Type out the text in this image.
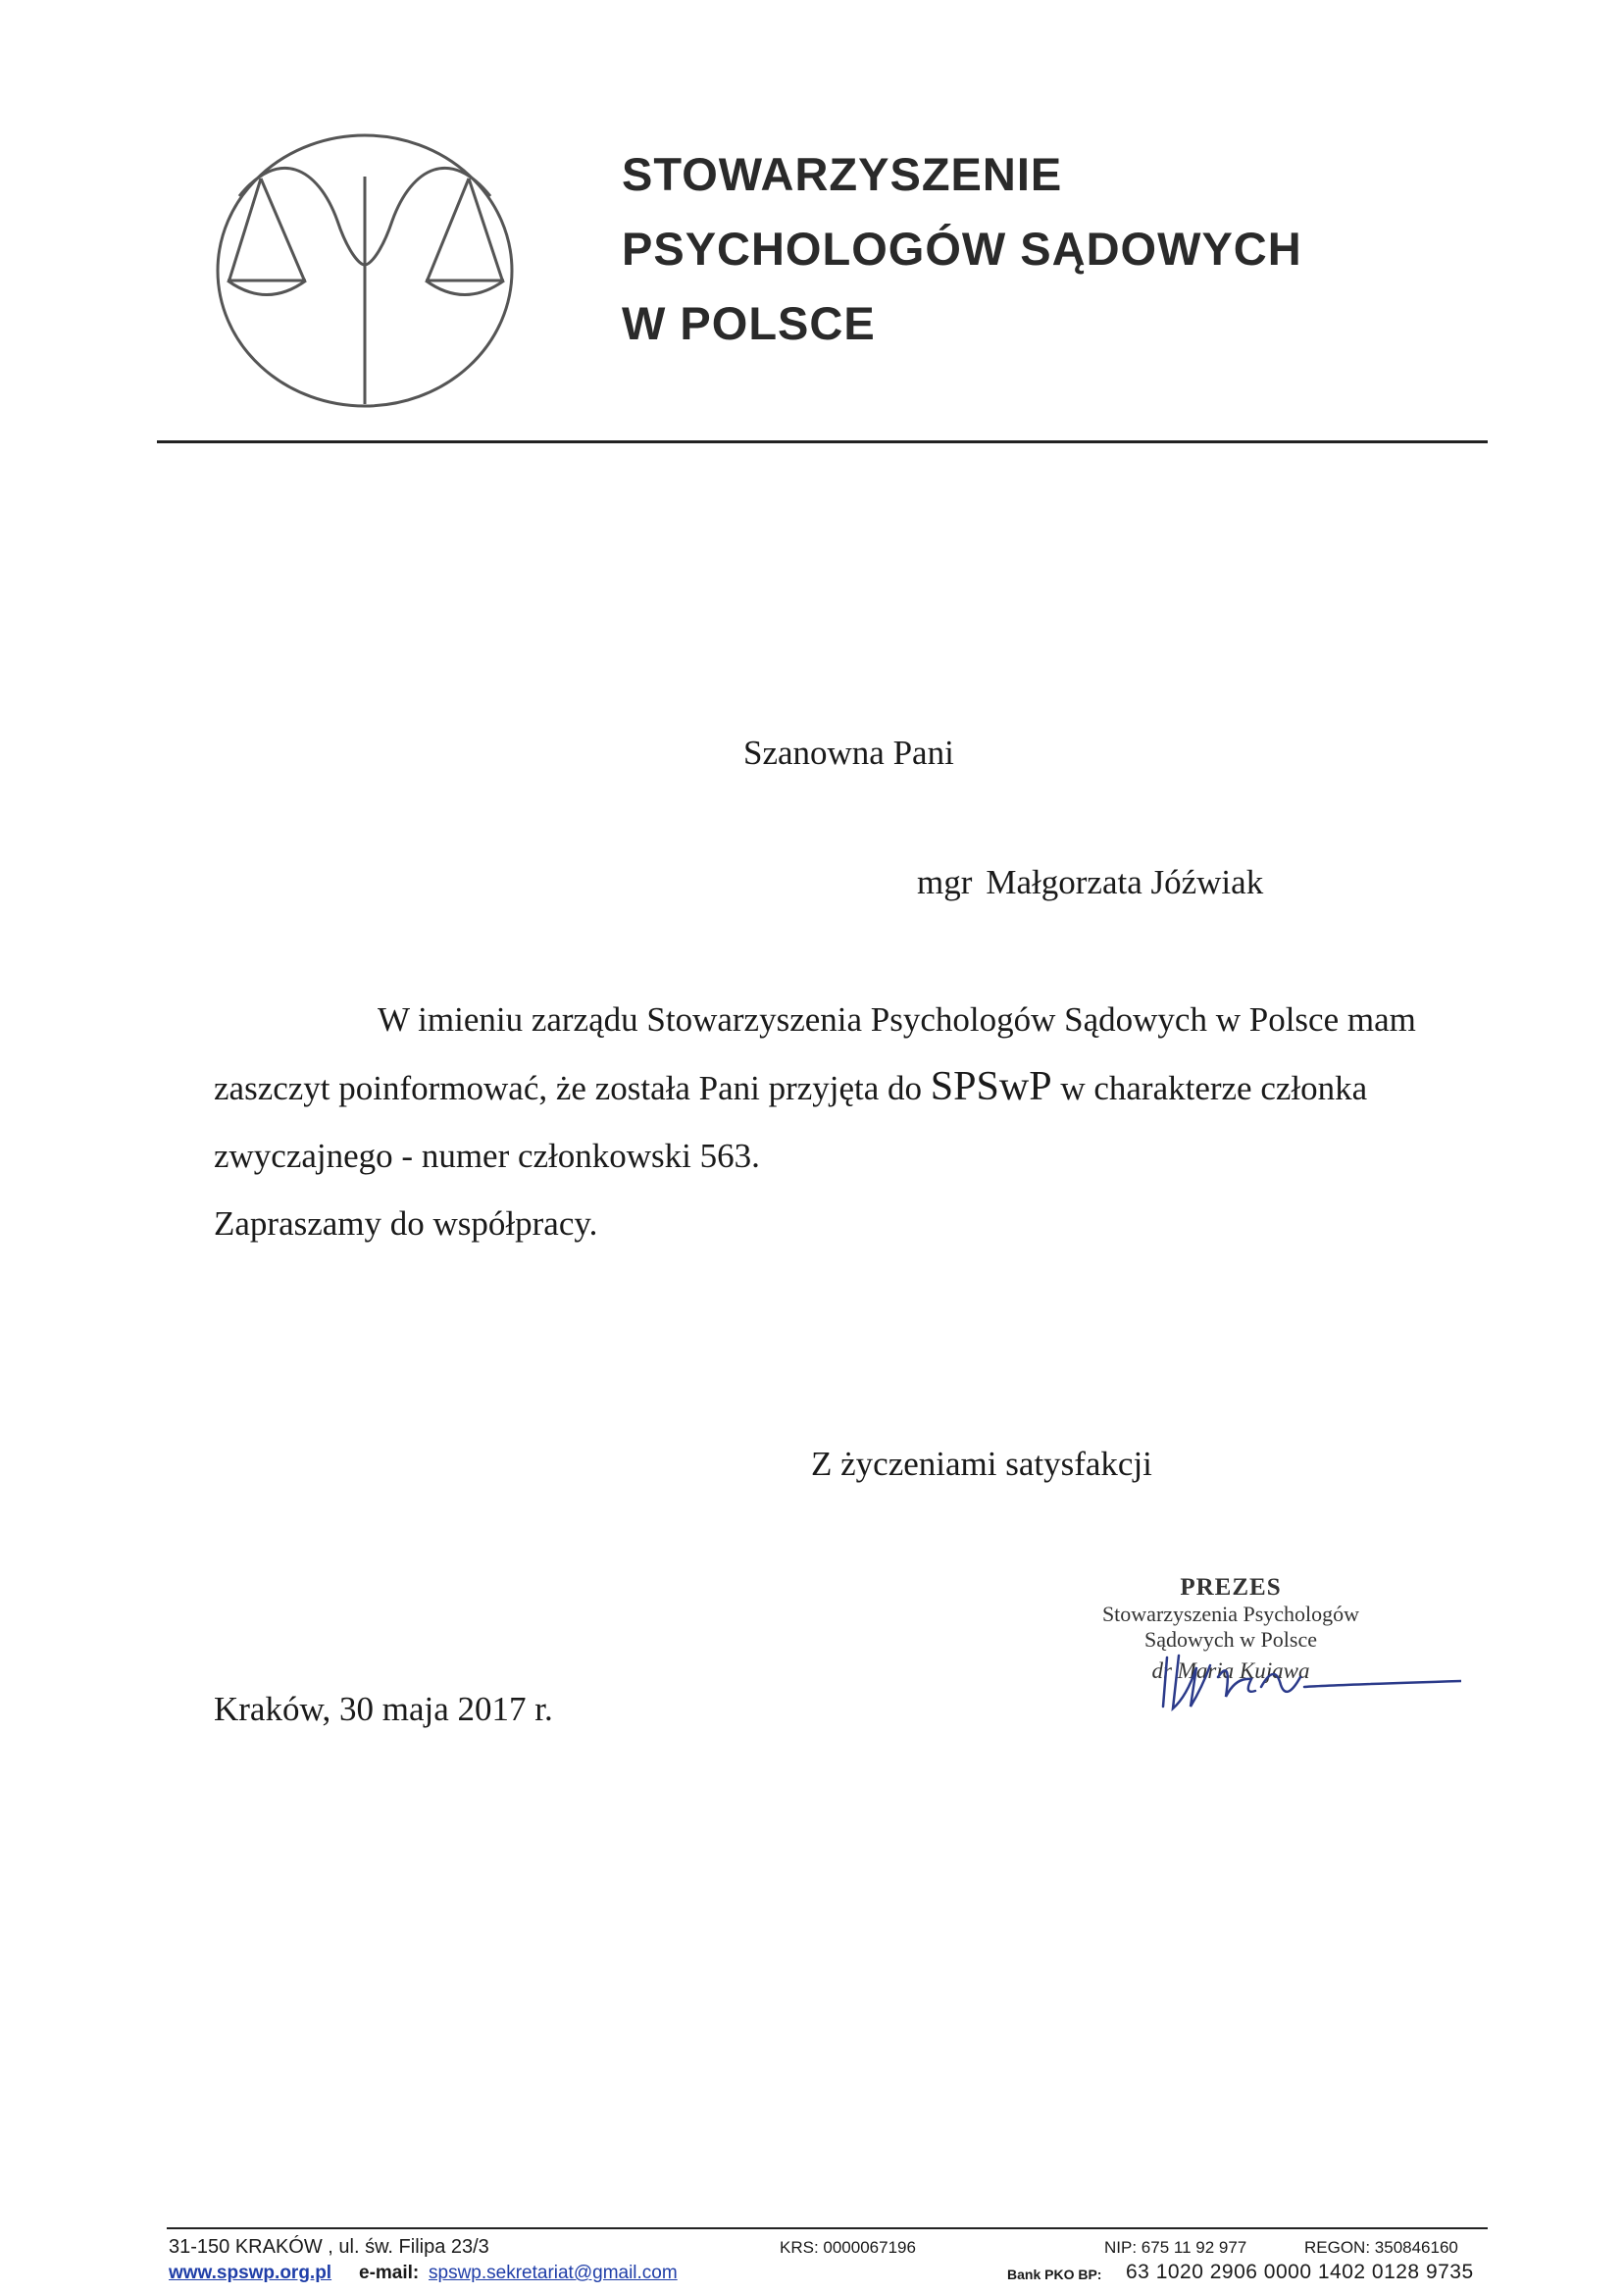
STOWARZYSZENIE
PSYCHOLOGÓW SĄDOWYCH
W POLSCE
Szanowna Pani
mgr Małgorzata Jóźwiak
W imieniu zarządu Stowarzyszenia Psychologów Sądowych w Polsce mam
zaszczyt poinformować, że została Pani przyjęta do SPSwP w charakterze członka
zwyczajnego - numer członkowski 563.
Zapraszamy do współpracy.
Z życzeniami satysfakcji
PREZES
Stowarzyszenia Psychologów
Sądowych w Polsce
dr Maria Kujawa
Kraków, 30 maja 2017 r.
31-150 KRAKÓW , ul. św. Filipa 23/3	KRS: 0000067196	NIP: 675 11 92 977	REGON: 350846160
www.spswp.org.pl e-mail: spswp.sekretariat@gmail.com	Bank PKO BP: 63 1020 2906 0000 1402 0128 9735
